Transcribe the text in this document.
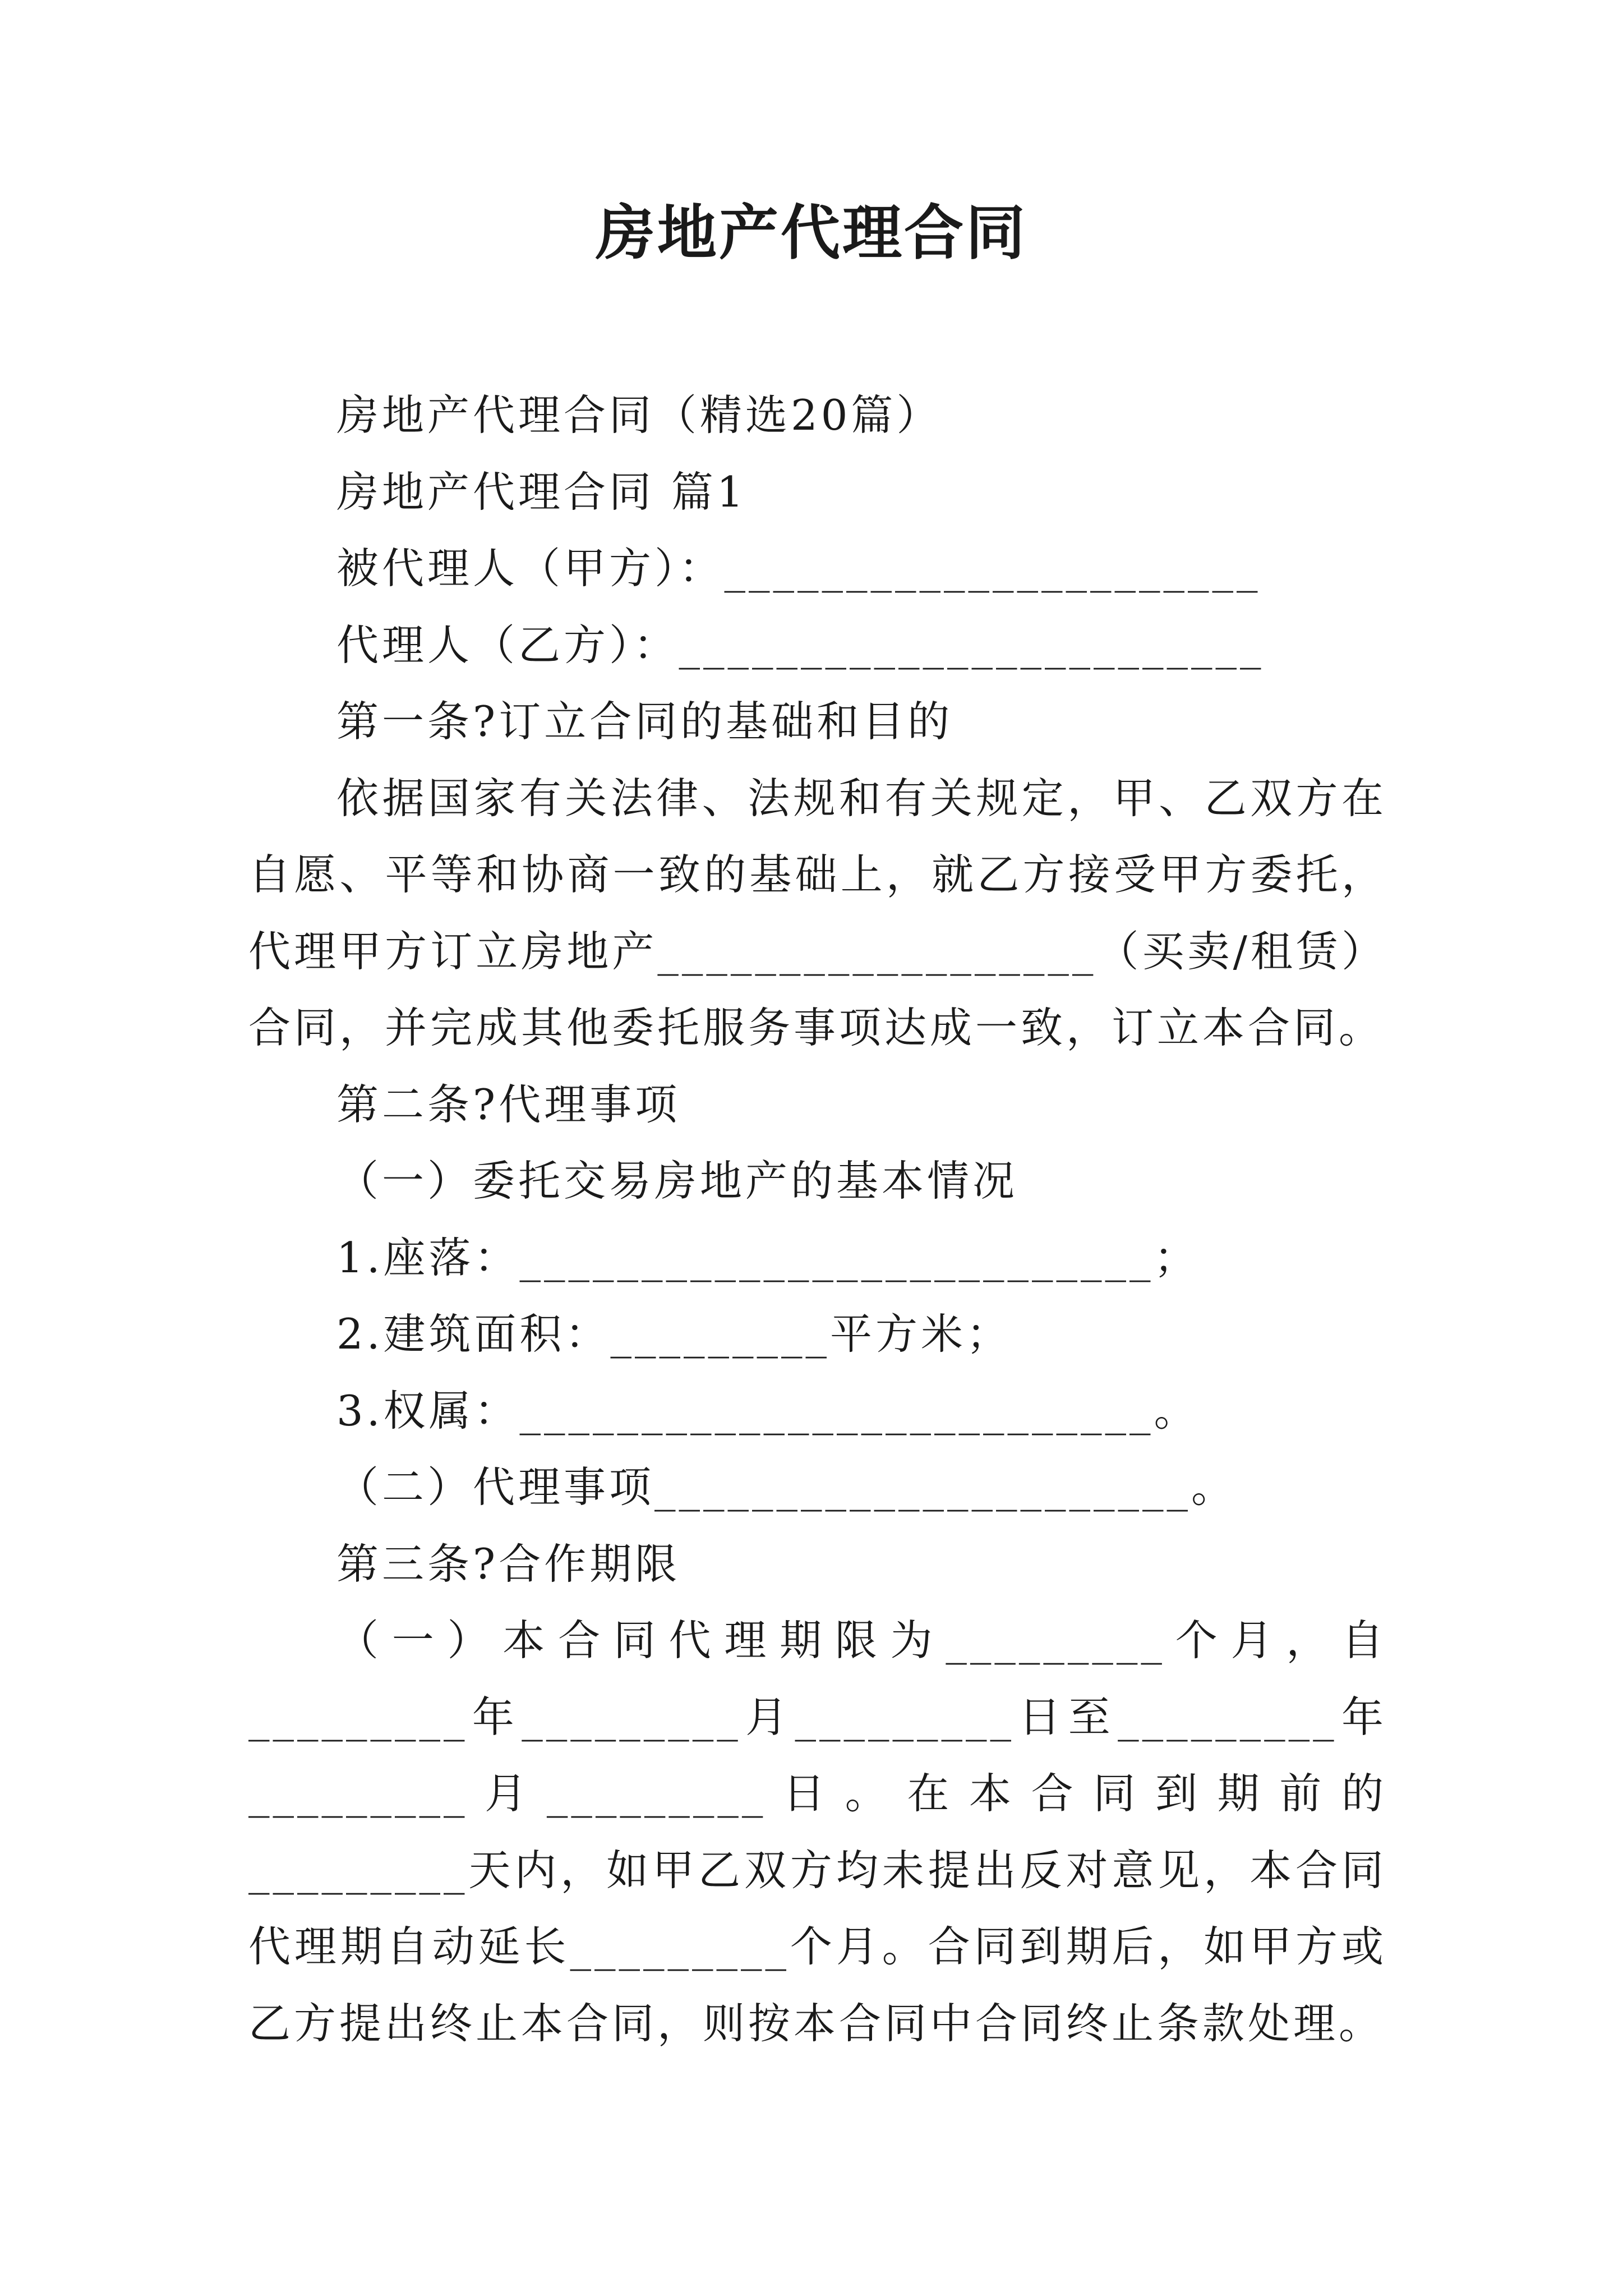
房地产代理合同

房地产代理合同（精选20篇）

房地产代理合同 篇1

被代理人（甲方）：______________________

代理人（乙方）：________________________

第一条?订立合同的基础和目的

依据国家有关法律、法规和有关规定，甲、乙双方在自愿、平等和协商一致的基础上，就乙方接受甲方委托，代理甲方订立房地产__________________（买卖/租赁）合同，并完成其他委托服务事项达成一致，订立本合同。

第二条?代理事项

（一）委托交易房地产的基本情况

1.座落：__________________________；

2.建筑面积：_________平方米；

3.权属：__________________________。

（二）代理事项______________________。

第三条?合作期限

（一）本合同代理期限为_________个月，自_________年_________月_________日至_________年_________月_________日。在本合同到期前的_________天内，如甲乙双方均未提出反对意见，本合同代理期自动延长_________个月。合同到期后，如甲方或乙方提出终止本合同，则按本合同中合同终止条款处理。
